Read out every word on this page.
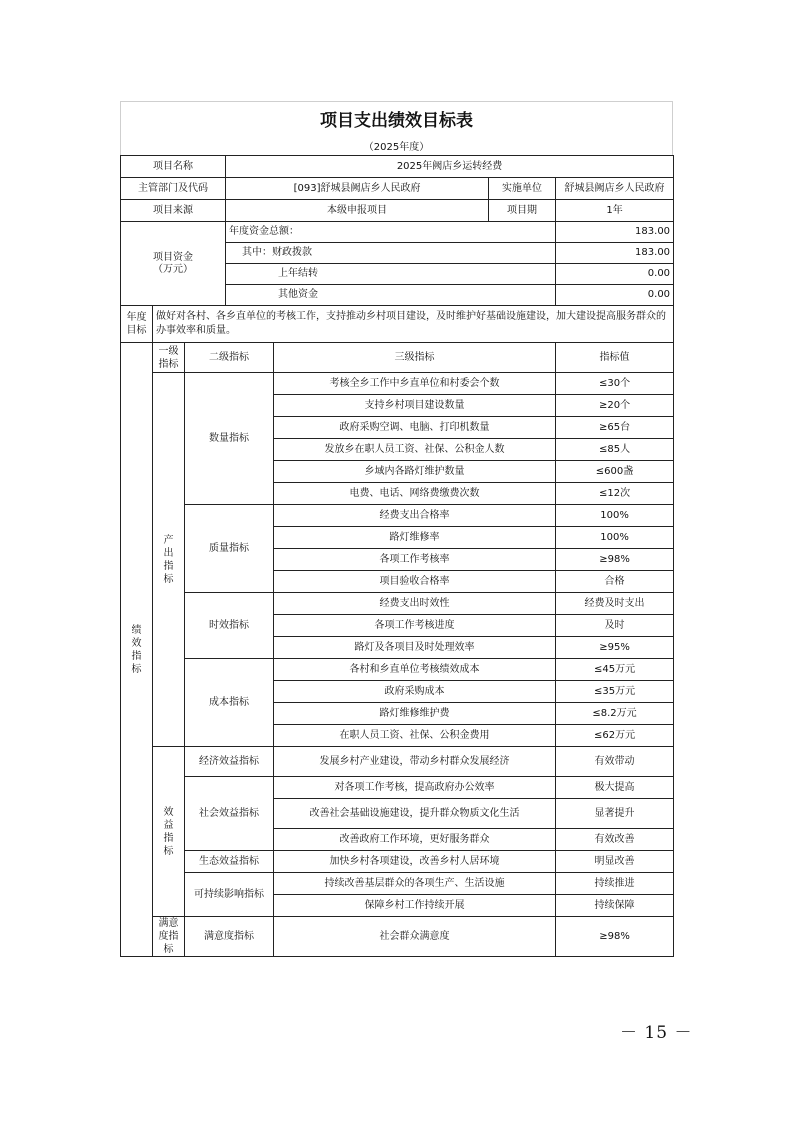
项目支出绩效目标表
（2025年度）
项目名称			2025年阙店乡运转经费			
主管部门及代码			[093]舒城县阙店乡人民政府		实施单位	舒城县阙店乡人民政府
项目来源			本级申报项目		项目期	1年

项目资金
（万元）			年度资金总额：			183.00
			其中：财政拨款			183.00
			上年结转			0.00
			其他资金			0.00
年度目标	做好对各村、各乡直单位的考核工作，支持推动乡村项目建设，及时维护好基础设施建设，加大建设提高服务群众的办事效率和质量。					
绩效指标	一级指标	二级指标		三级指标		指标值
	产出指标	数量指标		考核全乡工作中乡直单位和村委会个数		≤30个
				支持乡村项目建设数量		≥20个
				政府采购空调、电脑、打印机数量		≥65台
				发放乡在职人员工资、社保、公积金人数		≤85人
				乡域内各路灯维护数量		≤600盏
				电费、电话、网络费缴费次数		≤12次
		质量指标		经费支出合格率		100%
				路灯维修率		100%
				各项工作考核率		≥98%
				项目验收合格率		合格
		时效指标		经费支出时效性		经费及时支出
				各项工作考核进度		及时
				路灯及各项目及时处理效率		≥95%
		成本指标		各村和乡直单位考核绩效成本		≤45万元
				政府采购成本		≤35万元
				路灯维修维护费		≤8.2万元
				在职人员工资、社保、公积金费用		≤62万元
	效益指标	经济效益指标		发展乡村产业建设，带动乡村群众发展经济		有效带动
		社会效益指标		对各项工作考核，提高政府办公效率		极大提高
				改善社会基础设施建设，提升群众物质文化生活		显著提升
				改善政府工作环境，更好服务群众		有效改善
		生态效益指标		加快乡村各项建设，改善乡村人居环境		明显改善
		可持续影响指标		持续改善基层群众的各项生产、生活设施		持续推进
				保障乡村工作持续开展		持续保障
	满意度指标	满意度指标		社会群众满意度		≥98%
－ 15 －
